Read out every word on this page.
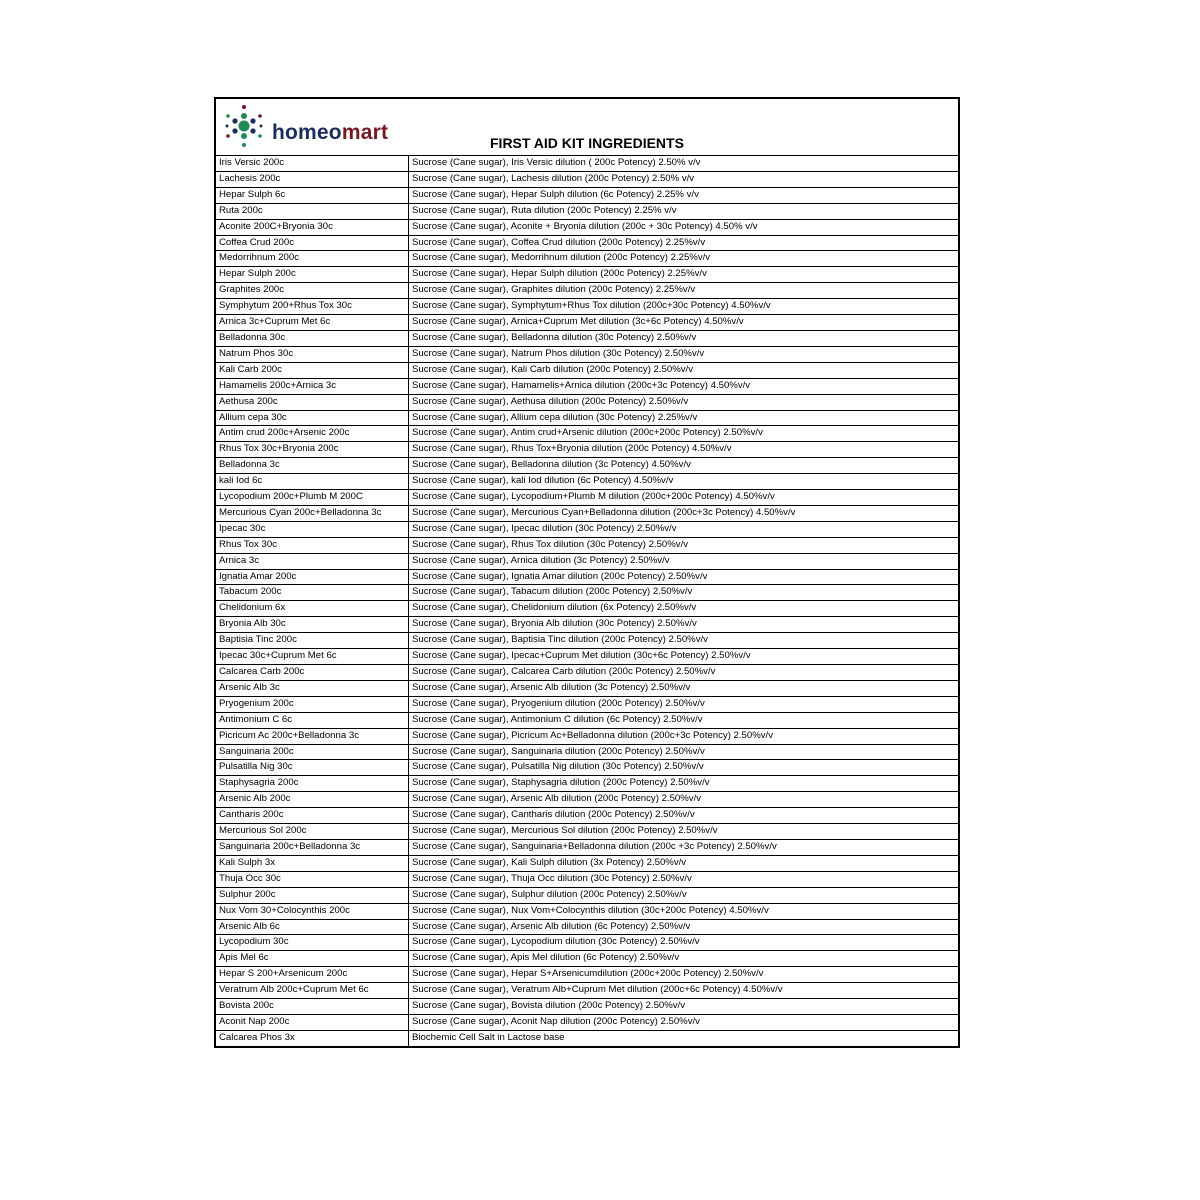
homeomart	FIRST AID KIT INGREDIENTS
Iris Versic 200c	Sucrose (Cane sugar), Iris Versic dilution ( 200c Potency) 2.50% v/v
Lachesis 200c	Sucrose (Cane sugar), Lachesis dilution (200c Potency) 2.50% v/v
Hepar Sulph 6c	Sucrose (Cane sugar), Hepar Sulph dilution (6c Potency) 2.25% v/v
Ruta 200c	Sucrose (Cane sugar), Ruta dilution (200c Potency) 2.25% v/v
Aconite 200C+Bryonia 30c	Sucrose (Cane sugar), Aconite + Bryonia dilution (200c + 30c Potency) 4.50% v/v
Coffea Crud 200c	Sucrose (Cane sugar), Coffea Crud dilution (200c Potency) 2.25%v/v
Medorrihnum 200c	Sucrose (Cane sugar), Medorrihnum dilution (200c Potency) 2.25%v/v
Hepar Sulph 200c	Sucrose (Cane sugar), Hepar Sulph dilution (200c Potency) 2.25%v/v
Graphites 200c	Sucrose (Cane sugar), Graphites dilution (200c Potency) 2.25%v/v
Symphytum 200+Rhus Tox 30c	Sucrose (Cane sugar), Symphytum+Rhus Tox dilution (200c+30c Potency) 4.50%v/v
Arnica 3c+Cuprum Met 6c	Sucrose (Cane sugar), Arnica+Cuprum Met dilution (3c+6c Potency) 4.50%v/v
Belladonna 30c	Sucrose (Cane sugar), Belladonna dilution (30c Potency) 2.50%v/v
Natrum Phos 30c	Sucrose (Cane sugar), Natrum Phos dilution (30c Potency) 2.50%v/v
Kali Carb 200c	Sucrose (Cane sugar), Kali Carb dilution (200c Potency) 2.50%v/v
Hamamelis 200c+Arnica 3c	Sucrose (Cane sugar), Hamamelis+Arnica dilution (200c+3c Potency) 4.50%v/v
Aethusa 200c	Sucrose (Cane sugar), Aethusa dilution (200c Potency) 2.50%v/v
Allium cepa 30c	Sucrose (Cane sugar), Allium cepa dilution (30c Potency) 2.25%v/v
Antim crud 200c+Arsenic 200c	Sucrose (Cane sugar), Antim crud+Arsenic dilution (200c+200c Potency) 2.50%v/v
Rhus Tox 30c+Bryonia 200c	Sucrose (Cane sugar), Rhus Tox+Bryonia dilution (200c Potency) 4.50%v/v
Belladonna 3c	Sucrose (Cane sugar), Belladonna dilution (3c Potency) 4.50%v/v
kali Iod 6c	Sucrose (Cane sugar), kali Iod dilution (6c Potency) 4.50%v/v
Lycopodium 200c+Plumb M 200C	Sucrose (Cane sugar), Lycopodium+Plumb M dilution (200c+200c Potency) 4.50%v/v
Mercurious Cyan 200c+Belladonna 3c	Sucrose (Cane sugar), Mercurious Cyan+Belladonna dilution (200c+3c Potency) 4.50%v/v
Ipecac 30c	Sucrose (Cane sugar), Ipecac dilution (30c Potency) 2.50%v/v
Rhus Tox 30c	Sucrose (Cane sugar), Rhus Tox dilution (30c Potency) 2.50%v/v
Arnica 3c	Sucrose (Cane sugar), Arnica dilution (3c Potency) 2.50%v/v
Ignatia Amar 200c	Sucrose (Cane sugar), Ignatia Amar dilution (200c Potency) 2.50%v/v
Tabacum 200c	Sucrose (Cane sugar), Tabacum dilution (200c Potency) 2.50%v/v
Chelidonium 6x	Sucrose (Cane sugar), Chelidonium dilution (6x Potency) 2.50%v/v
Bryonia Alb 30c	Sucrose (Cane sugar), Bryonia Alb dilution (30c Potency) 2.50%v/v
Baptisia Tinc 200c	Sucrose (Cane sugar), Baptisia Tinc dilution (200c Potency) 2.50%v/v
Ipecac 30c+Cuprum Met 6c	Sucrose (Cane sugar), Ipecac+Cuprum Met dilution (30c+6c Potency) 2.50%v/v
Calcarea Carb 200c	Sucrose (Cane sugar), Calcarea Carb dilution (200c Potency) 2.50%v/v
Arsenic Alb 3c	Sucrose (Cane sugar), Arsenic Alb dilution (3c Potency) 2.50%v/v
Pryogenium 200c	Sucrose (Cane sugar), Pryogenium dilution (200c Potency) 2.50%v/v
Antimonium C 6c	Sucrose (Cane sugar), Antimonium C dilution (6c Potency) 2.50%v/v
Picricum Ac 200c+Belladonna 3c	Sucrose (Cane sugar), Picricum Ac+Belladonna dilution (200c+3c Potency) 2.50%v/v
Sanguinaria 200c	Sucrose (Cane sugar), Sanguinaria dilution (200c Potency) 2.50%v/v
Pulsatilla Nig 30c	Sucrose (Cane sugar), Pulsatilla Nig dilution (30c Potency) 2.50%v/v
Staphysagria 200c	Sucrose (Cane sugar), Staphysagria dilution (200c Potency) 2.50%v/v
Arsenic Alb 200c	Sucrose (Cane sugar), Arsenic Alb dilution (200c Potency) 2.50%v/v
Cantharis 200c	Sucrose (Cane sugar), Cantharis dilution (200c Potency) 2.50%v/v
Mercurious Sol 200c	Sucrose (Cane sugar), Mercurious Sol dilution (200c Potency) 2.50%v/v
Sanguinaria 200c+Belladonna 3c	Sucrose (Cane sugar), Sanguinaria+Belladonna dilution (200c +3c Potency) 2.50%v/v
Kali Sulph 3x	Sucrose (Cane sugar), Kali Sulph dilution (3x Potency) 2.50%v/v
Thuja Occ 30c	Sucrose (Cane sugar), Thuja Occ dilution (30c Potency) 2.50%v/v
Sulphur 200c	Sucrose (Cane sugar), Sulphur dilution (200c Potency) 2.50%v/v
Nux Vom 30+Colocynthis 200c	Sucrose (Cane sugar), Nux Vom+Colocynthis dilution (30c+200c Potency) 4.50%v/v
Arsenic Alb 6c	Sucrose (Cane sugar), Arsenic Alb dilution (6c Potency) 2.50%v/v
Lycopodium 30c	Sucrose (Cane sugar), Lycopodium dilution (30c Potency) 2.50%v/v
Apis Mel 6c	Sucrose (Cane sugar), Apis Mel dilution (6c Potency) 2.50%v/v
Hepar S 200+Arsenicum 200c	Sucrose (Cane sugar), Hepar S+Arsenicumdilution (200c+200c Potency) 2.50%v/v
Veratrum Alb 200c+Cuprum Met 6c	Sucrose (Cane sugar), Veratrum Alb+Cuprum Met dilution (200c+6c Potency) 4.50%v/v
Bovista 200c	Sucrose (Cane sugar), Bovista dilution (200c Potency) 2.50%v/v
Aconit Nap 200c	Sucrose (Cane sugar), Aconit Nap dilution (200c Potency) 2.50%v/v
Calcarea Phos 3x	Biochemic Cell Salt in Lactose base
